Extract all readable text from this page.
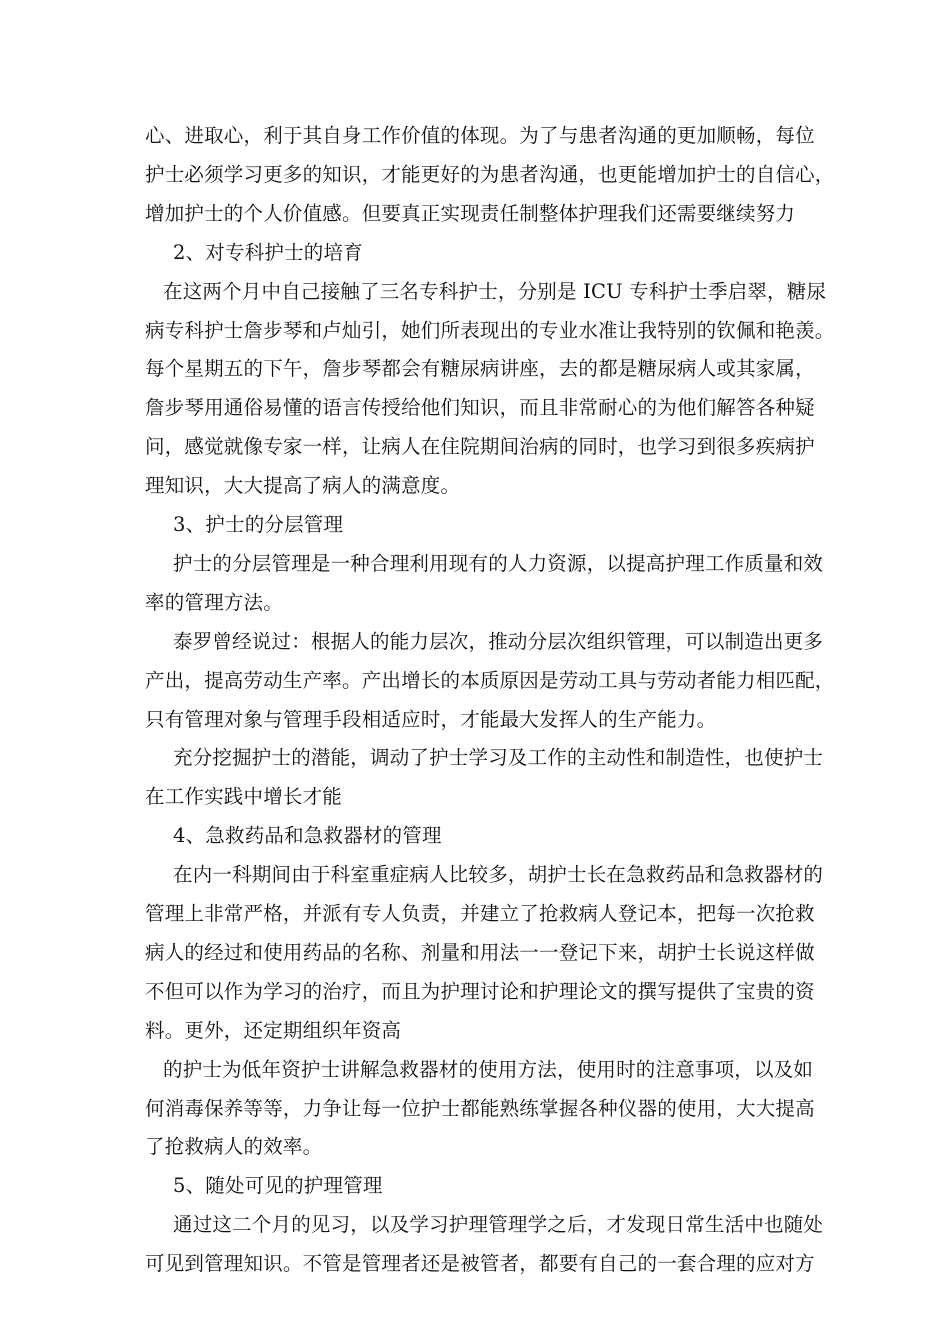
心、进取心，利于其自身工作价值的体现。为了与患者沟通的更加顺畅，每位
护士必须学习更多的知识，才能更好的为患者沟通，也更能增加护士的自信心，
增加护士的个人价值感。但要真正实现责任制整体护理我们还需要继续努力
2、对专科护士的培育
在这两个月中自己接触了三名专科护士，分别是 ICU 专科护士季启翠，糖尿
病专科护士詹步琴和卢灿引，她们所表现出的专业水准让我特别的钦佩和艳羡。
每个星期五的下午，詹步琴都会有糖尿病讲座，去的都是糖尿病人或其家属，
詹步琴用通俗易懂的语言传授给他们知识，而且非常耐心的为他们解答各种疑
问，感觉就像专家一样，让病人在住院期间治病的同时，也学习到很多疾病护
理知识，大大提高了病人的满意度。
3、护士的分层管理
护士的分层管理是一种合理利用现有的人力资源，以提高护理工作质量和效
率的管理方法。
泰罗曾经说过：根据人的能力层次，推动分层次组织管理，可以制造出更多
产出，提高劳动生产率。产出增长的本质原因是劳动工具与劳动者能力相匹配，
只有管理对象与管理手段相适应时，才能最大发挥人的生产能力。
充分挖掘护士的潜能，调动了护士学习及工作的主动性和制造性，也使护士
在工作实践中增长才能
4、急救药品和急救器材的管理
在内一科期间由于科室重症病人比较多，胡护士长在急救药品和急救器材的
管理上非常严格，并派有专人负责，并建立了抢救病人登记本，把每一次抢救
病人的经过和使用药品的名称、剂量和用法一一登记下来，胡护士长说这样做
不但可以作为学习的治疗，而且为护理讨论和护理论文的撰写提供了宝贵的资
料。更外，还定期组织年资高
的护士为低年资护士讲解急救器材的使用方法，使用时的注意事项，以及如
何消毒保养等等，力争让每一位护士都能熟练掌握各种仪器的使用，大大提高
了抢救病人的效率。
5、随处可见的护理管理
通过这二个月的见习，以及学习护理管理学之后，才发现日常生活中也随处
可见到管理知识。不管是管理者还是被管者，都要有自己的一套合理的应对方
